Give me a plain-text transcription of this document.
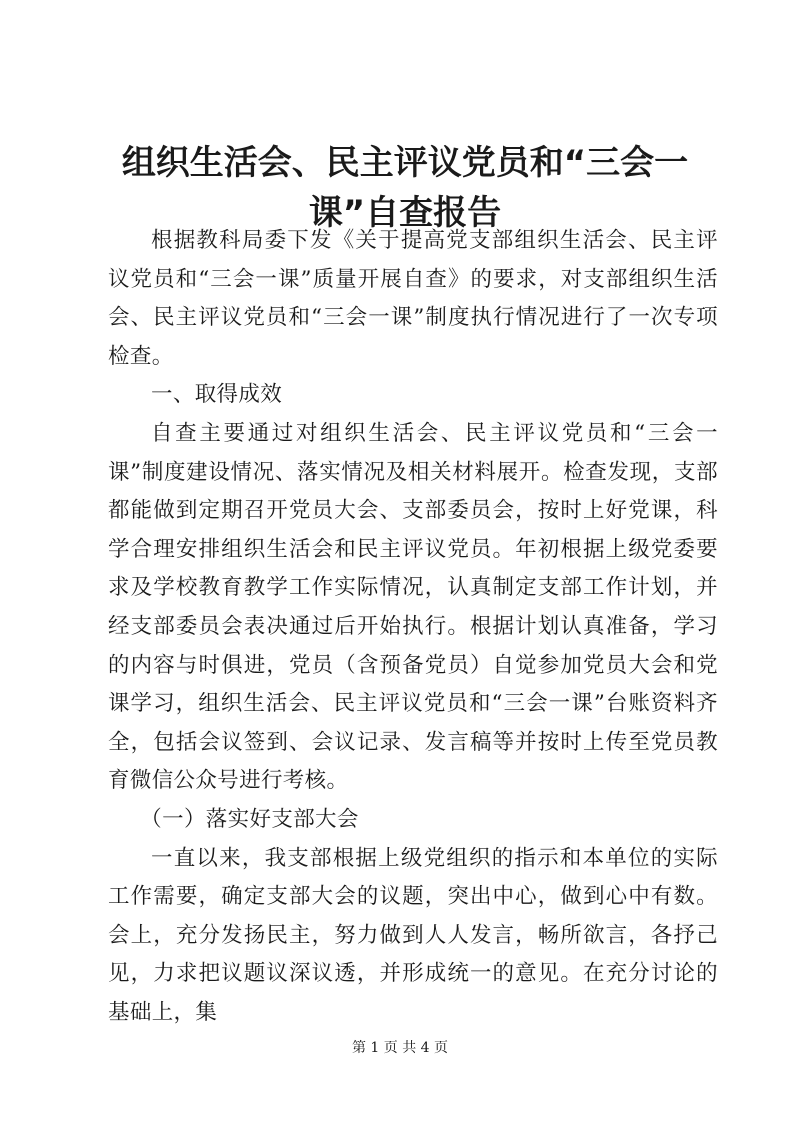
组织生活会、民主评议党员和“三会一课”自查报告

根据教科局委下发《关于提高党支部组织生活会、民主评议党员和“三会一课”质量开展自查》的要求，对支部组织生活会、民主评议党员和“三会一课”制度执行情况进行了一次专项检查。

一、取得成效

自查主要通过对组织生活会、民主评议党员和“三会一课”制度建设情况、落实情况及相关材料展开。检查发现，支部都能做到定期召开党员大会、支部委员会，按时上好党课，科学合理安排组织生活会和民主评议党员。年初根据上级党委要求及学校教育教学工作实际情况，认真制定支部工作计划，并经支部委员会表决通过后开始执行。根据计划认真准备，学习的内容与时俱进，党员（含预备党员）自觉参加党员大会和党课学习，组织生活会、民主评议党员和“三会一课”台账资料齐全，包括会议签到、会议记录、发言稿等并按时上传至党员教育微信公众号进行考核。

（一）落实好支部大会

一直以来，我支部根据上级党组织的指示和本单位的实际工作需要，确定支部大会的议题，突出中心，做到心中有数。会上，充分发扬民主，努力做到人人发言，畅所欲言，各抒己见，力求把议题议深议透，并形成统一的意见。在充分讨论的基础上，集

第 1 页 共 4 页
